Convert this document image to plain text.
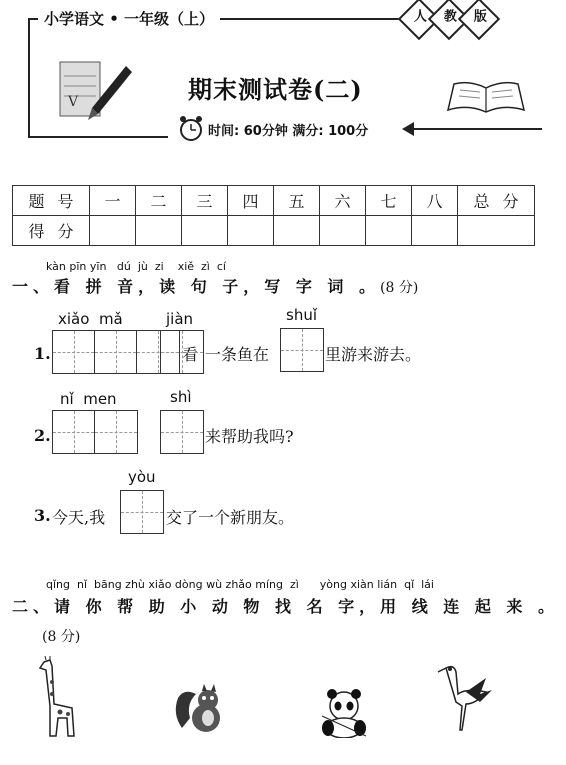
小学语文 • 一年级（上）	人	教	版
V	期末测试卷(二)
时间: 60分钟 满分: 100分
题 号	一	二	三	四	五	六	七	八	总 分
得 分									
kàn pīn yīn   dú  jù  zi    xiě  zì  cí
一、看 拼 音，读 句 子，写 字 词 。(8 分)
xiǎo  mǎ	jiàn	shuǐ
1.	看 一条鱼在	里游来游去。
nǐ  men	shì
2.	来帮助我吗?
yòu
3. 今天,我	交了一个新朋友。
qǐng  nǐ  bāng zhù xiǎo dòng wù zhǎo míng  zì      yòng xiàn lián  qǐ  lái
二、请 你 帮 助 小 动 物 找 名 字，用 线 连 起 来 。
(8 分)
